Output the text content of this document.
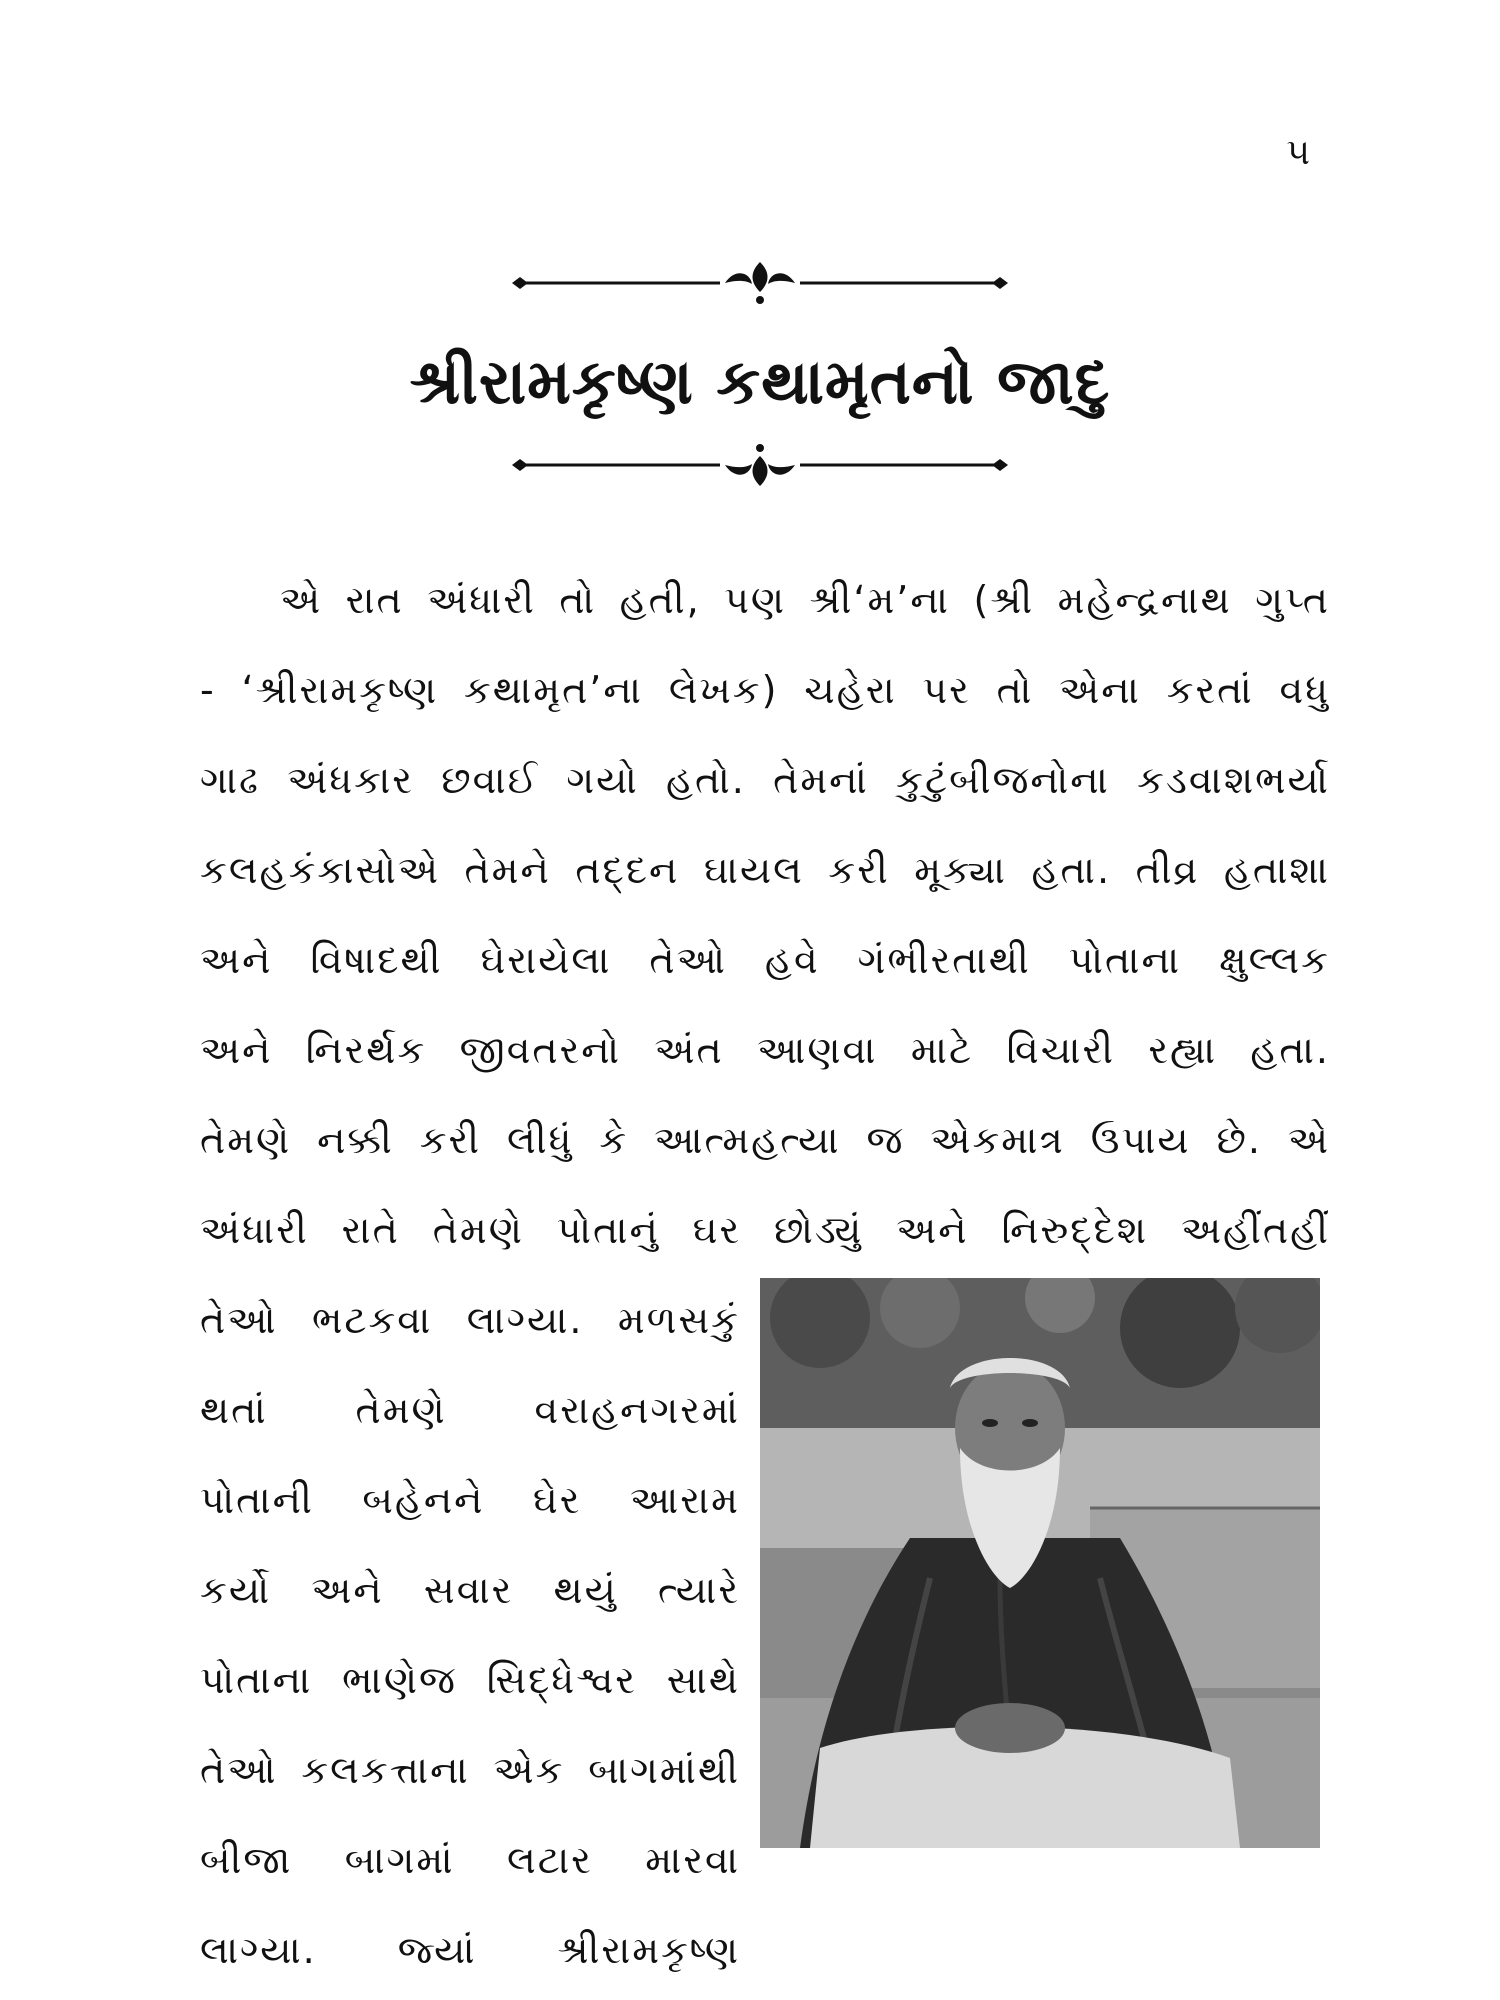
૫
શ્રીરામકૃષ્ણ કથામૃતનો જાદુ
એ રાત અંધારી તો હતી, પણ શ્રી‘મ’ના (શ્રી મહેન્દ્રનાથ ગુપ્ત
- ‘શ્રીરામકૃષ્ણ કથામૃત’ના લેખક) ચહેરા પર તો એના કરતાં વધુ
ગાઢ અંધકાર છવાઈ ગયો હતો. તેમનાં કુટુંબીજનોના કડવાશભર્યા
કલહકંકાસોએ તેમને તદ્દન ઘાયલ કરી મૂક્યા હતા. તીવ્ર હતાશા
અને વિષાદથી ઘેરાયેલા તેઓ હવે ગંભીરતાથી પોતાના ક્ષુલ્લક
અને નિરર્થક જીવતરનો અંત આણવા માટે વિચારી રહ્યા હતા.
તેમણે નક્કી કરી લીધું કે આત્મહત્યા જ એકમાત્ર ઉપાય છે. એ
અંધારી રાતે તેમણે પોતાનું ઘર છોડ્યું અને નિરુદ્દેશ અહીંતહીં
તેઓ ભટકવા લાગ્યા. મળસકું
થતાં તેમણે વરાહનગરમાં
પોતાની બહેનને ઘેર આરામ
કર્યો અને સવાર થયું ત્યારે
પોતાના ભાણેજ સિદ્ધેશ્વર સાથે
તેઓ કલકત્તાના એક બાગમાંથી
બીજા બાગમાં લટાર મારવા
લાગ્યા. જ્યાં શ્રીરામકૃષ્ણ
